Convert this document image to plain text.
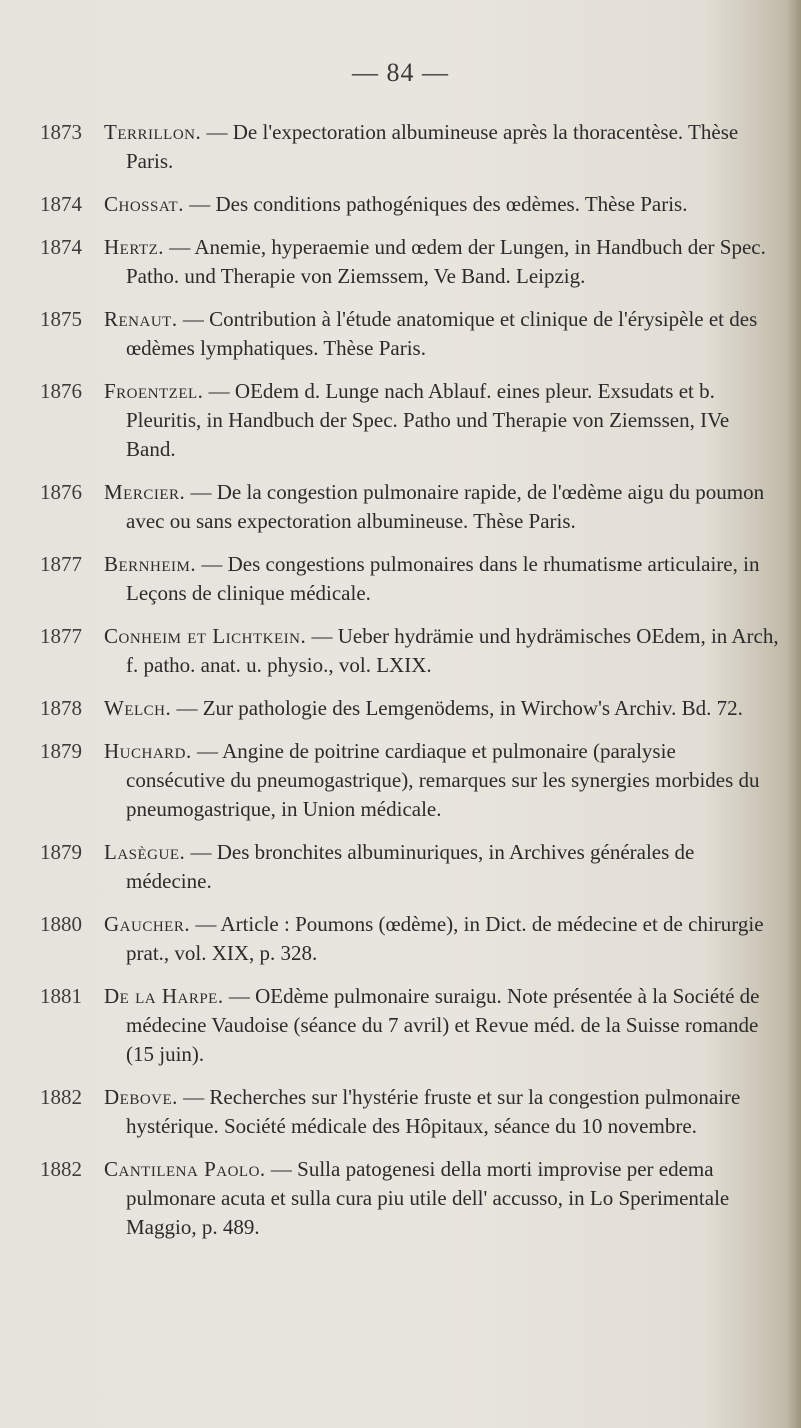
— 84 —
1873	Terrillon. — De l'expectoration albumineuse après la thoracentèse. Thèse Paris.
1874	Chossat. — Des conditions pathogéniques des œdèmes. Thèse Paris.
1874	Hertz. — Anemie, hyperaemie und œdem der Lungen, in Handbuch der Spec. Patho. und Therapie von Ziemssem, Ve Band. Leipzig.
1875	Renaut. — Contribution à l'étude anatomique et clinique de l'érysipèle et des œdèmes lymphatiques. Thèse Paris.
1876	Froentzel. — OEdem d. Lunge nach Ablauf. eines pleur. Exsudats et b. Pleuritis, in Handbuch der Spec. Patho und Therapie von Ziemssen, IVe Band.
1876	Mercier. — De la congestion pulmonaire rapide, de l'œdème aigu du poumon avec ou sans expectoration albumineuse. Thèse Paris.
1877	Bernheim. — Des congestions pulmonaires dans le rhumatisme articulaire, in Leçons de clinique médicale.
1877	Conheim et Lichtkein. — Ueber hydrämie und hydrämisches OEdem, in Arch, f. patho. anat. u. physio., vol. LXIX.
1878	Welch. — Zur pathologie des Lemgenödems, in Wirchow's Archiv. Bd. 72.
1879	Huchard. — Angine de poitrine cardiaque et pulmonaire (paralysie consécutive du pneumogastrique), remarques sur les synergies morbides du pneumogastrique, in Union médicale.
1879	Lasègue. — Des bronchites albuminuriques, in Archives générales de médecine.
1880	Gaucher. — Article : Poumons (œdème), in Dict. de médecine et de chirurgie prat., vol. XIX, p. 328.
1881	De la Harpe. — OEdème pulmonaire suraigu. Note présentée à la Société de médecine Vaudoise (séance du 7 avril) et Revue méd. de la Suisse romande (15 juin).
1882	Debove. — Recherches sur l'hystérie fruste et sur la congestion pulmonaire hystérique. Société médicale des Hôpitaux, séance du 10 novembre.
1882	Cantilena Paolo. — Sulla patogenesi della morti improvise per edema pulmonare acuta et sulla cura piu utile dell' accusso, in Lo Sperimentale Maggio, p. 489.
